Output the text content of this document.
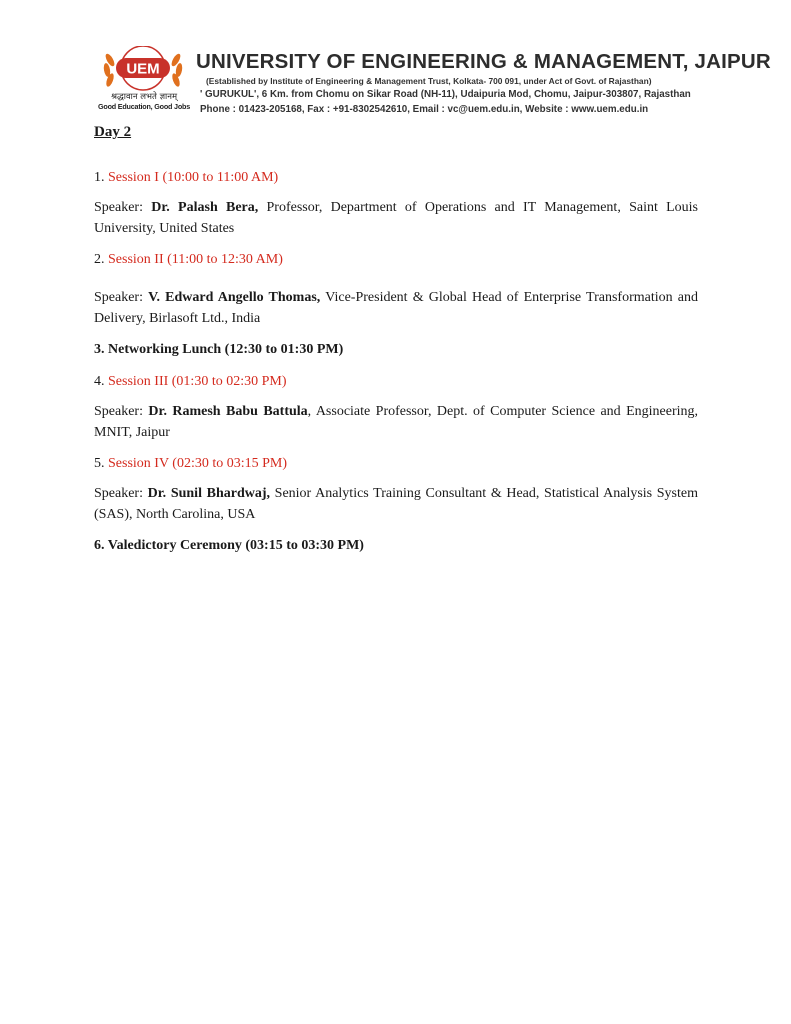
UEM
श्रद्धावान लभते ज्ञानम्
Good Education, Good Jobs
UNIVERSITY OF ENGINEERING & MANAGEMENT, JAIPUR
(Established by Institute of Engineering & Management Trust, Kolkata- 700 091, under Act of Govt. of Rajasthan)
' GURUKUL', 6 Km. from Chomu on Sikar Road (NH-11), Udaipuria Mod, Chomu, Jaipur-303807, Rajasthan
Phone : 01423-205168, Fax : +91-8302542610, Email : vc@uem.edu.in, Website : www.uem.edu.in
Day 2
1. Session I (10:00 to 11:00 AM)
Speaker: Dr. Palash Bera, Professor, Department of Operations and IT Management, Saint Louis University, United States
2. Session II (11:00 to 12:30 AM)
Speaker: V. Edward Angello Thomas, Vice-President & Global Head of Enterprise Transformation and Delivery, Birlasoft Ltd., India
3. Networking Lunch (12:30 to 01:30 PM)
4. Session III (01:30 to 02:30 PM)
Speaker: Dr. Ramesh Babu Battula, Associate Professor, Dept. of Computer Science and Engineering, MNIT, Jaipur
5. Session IV (02:30 to 03:15 PM)
Speaker: Dr. Sunil Bhardwaj, Senior Analytics Training Consultant & Head, Statistical Analysis System (SAS), North Carolina, USA
6. Valedictory Ceremony (03:15 to 03:30 PM)
